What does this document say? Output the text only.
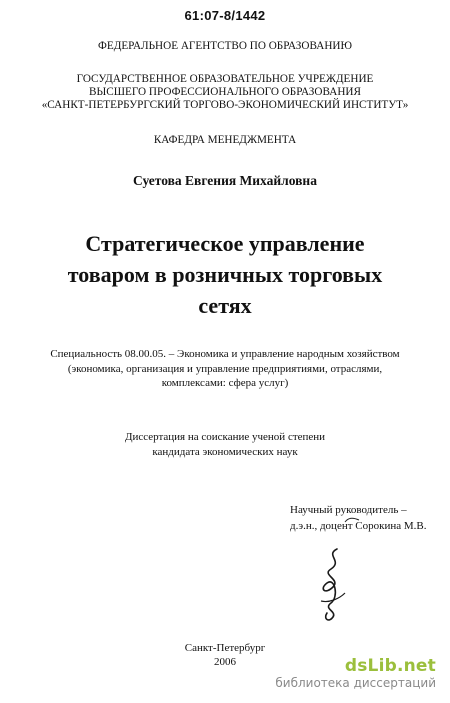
61:07-8/1442
ФЕДЕРАЛЬНОЕ АГЕНТСТВО ПО ОБРАЗОВАНИЮ
ГОСУДАРСТВЕННОЕ ОБРАЗОВАТЕЛЬНОЕ УЧРЕЖДЕНИЕ
ВЫСШЕГО ПРОФЕССИОНАЛЬНОГО ОБРАЗОВАНИЯ
«САНКТ-ПЕТЕРБУРГСКИЙ ТОРГОВО-ЭКОНОМИЧЕСКИЙ ИНСТИТУТ»
КАФЕДРА МЕНЕДЖМЕНТА
Суетова Евгения Михайловна
Стратегическое управление
товаром в розничных торговых
сетях
Специальность 08.00.05. – Экономика и управление народным хозяйством
(экономика, организация и управление предприятиями, отраслями,
комплексами: сфера услуг)
Диссертация на соискание ученой степени
кандидата экономических наук
Научный руководитель –
д.э.н., доцент Сорокина М.В.
Санкт-Петербург
2006	dsLib.net
библиотека диссертаций
